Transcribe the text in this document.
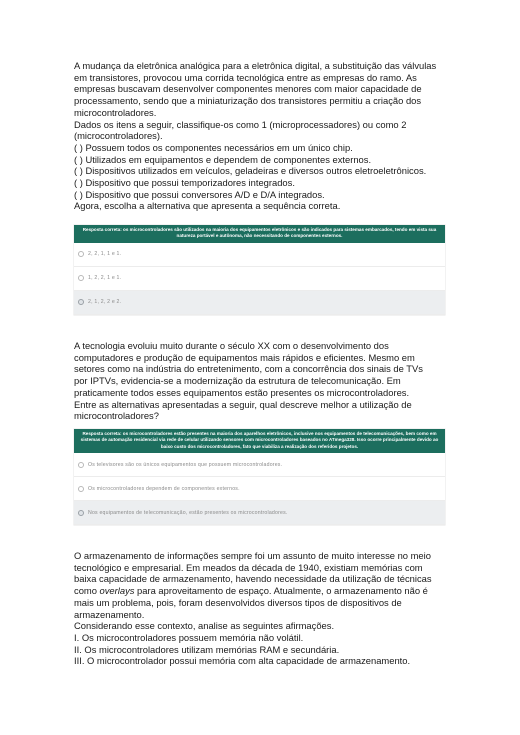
A mudança da eletrônica analógica para a eletrônica digital, a substituição das válvulas

em transistores, provocou uma corrida tecnológica entre as empresas do ramo. As

empresas buscavam desenvolver componentes menores com maior capacidade de

processamento, sendo que a miniaturização dos transistores permitiu a criação dos

microcontroladores.

Dados os itens a seguir, classifique-os como 1 (microprocessadores) ou como 2

(microcontroladores).

( ) Possuem todos os componentes necessários em um único chip.

( ) Utilizados em equipamentos e dependem de componentes externos.

( ) Dispositivos utilizados em veículos, geladeiras e diversos outros eletroeletrônicos.

( ) Dispositivo que possui temporizadores integrados.

( ) Dispositivo que possui conversores A/D e D/A integrados.

Agora, escolha a alternativa que apresenta a sequência correta.

Resposta correta: os microcontroladores são utilizados na maioria dos equipamentos eletrônicos e são indicados para sistemas embarcados, tendo em vista sua natureza portável e autônoma, não necessitando de componentes externos.
2, 2, 1, 1 e 1.
1, 2, 2, 1 e 1.
2, 1, 2, 2 e 2.

A tecnologia evoluiu muito durante o século XX com o desenvolvimento dos

computadores e produção de equipamentos mais rápidos e eficientes. Mesmo em

setores como na indústria do entretenimento, com a concorrência dos sinais de TVs

por IPTVs, evidencia-se a modernização da estrutura de telecomunicação. Em

praticamente todos esses equipamentos estão presentes os microcontroladores.

Entre as alternativas apresentadas a seguir, qual descreve melhor a utilização de

microcontroladores?

Resposta correta: os microcontroladores estão presentes na maioria dos aparelhos eletrônicos, inclusive nos equipamentos de telecomunicações, bem como em sistemas de automação residencial via rede de celular utilizando sensores com microcontroladores baseados no ATmega328. Isso ocorre principalmente devido ao baixo custo dos microcontroladores, fato que viabiliza a realização dos referidos projetos.
Os televisores são os únicos equipamentos que possuem microcontroladores.
Os microcontroladores dependem de componentes externos.
Nos equipamentos de telecomunicação, estão presentes os microcontroladores.

O armazenamento de informações sempre foi um assunto de muito interesse no meio

tecnológico e empresarial. Em meados da década de 1940, existiam memórias com

baixa capacidade de armazenamento, havendo necessidade da utilização de técnicas

como overlays para aproveitamento de espaço. Atualmente, o armazenamento não é

mais um problema, pois, foram desenvolvidos diversos tipos de dispositivos de

armazenamento.

Considerando esse contexto, analise as seguintes afirmações.

I. Os microcontroladores possuem memória não volátil.

II. Os microcontroladores utilizam memórias RAM e secundária.

III. O microcontrolador possui memória com alta capacidade de armazenamento.
